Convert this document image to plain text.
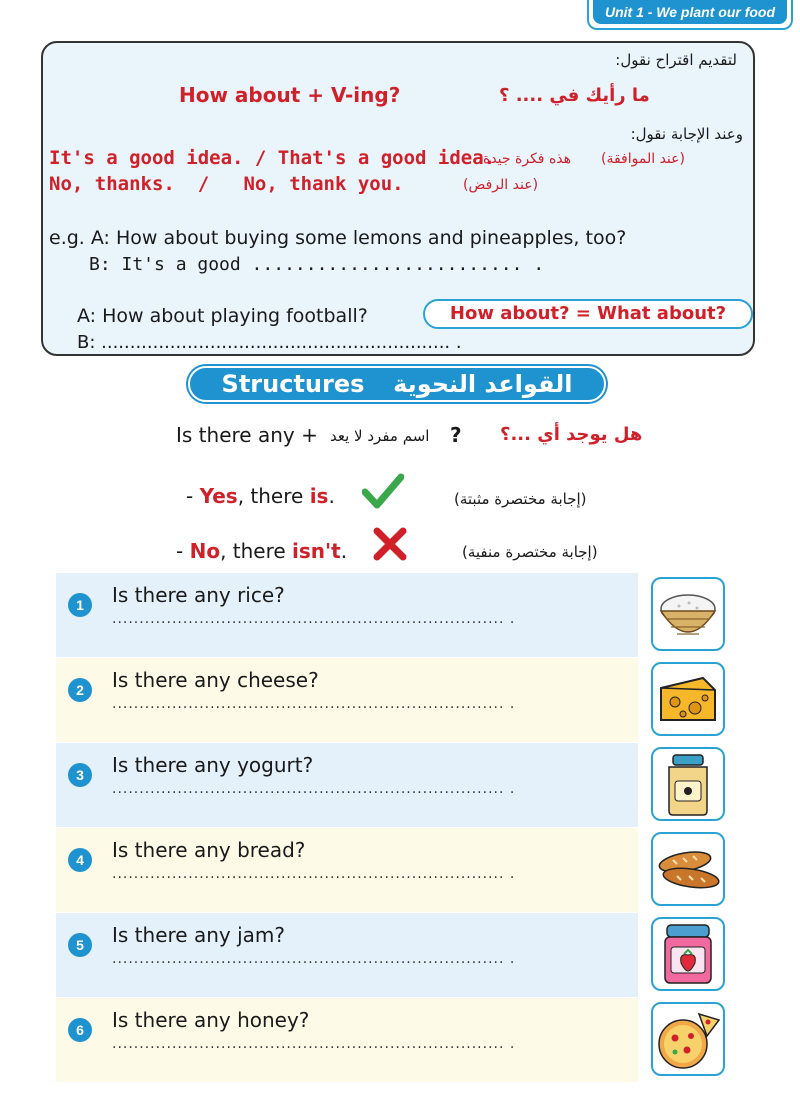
Unit 1 - We plant our food
لتقديم اقتراح نقول:
How about + V-ing?	ما رأيك في .... ؟
وعند الإجابة نقول:
It's a good idea. / That's a good idea.
هذه فكرة جيدة (عند الموافقة)
No, thanks.  /   No, thank you.	(عند الرفض)
e.g. A: How about buying some lemons and pineapples, too?
B: It's a good ......................... .
A: How about playing football?
B: ............................................................. .
How about? = What about?
Structures القواعد النحوية
Is there any + اسم مفرد لا يعد ? هل يوجد أي ...؟
- Yes, there is.	(إجابة مختصرة مثبتة)
- No, there isn't.	(إجابة مختصرة منفية)
1	Is there any rice?
........................................................................ .
2	Is there any cheese?
........................................................................ .
3	Is there any yogurt?
........................................................................ .
4	Is there any bread?
........................................................................ .
5	Is there any jam?
........................................................................ .
6	Is there any honey?
........................................................................ .
